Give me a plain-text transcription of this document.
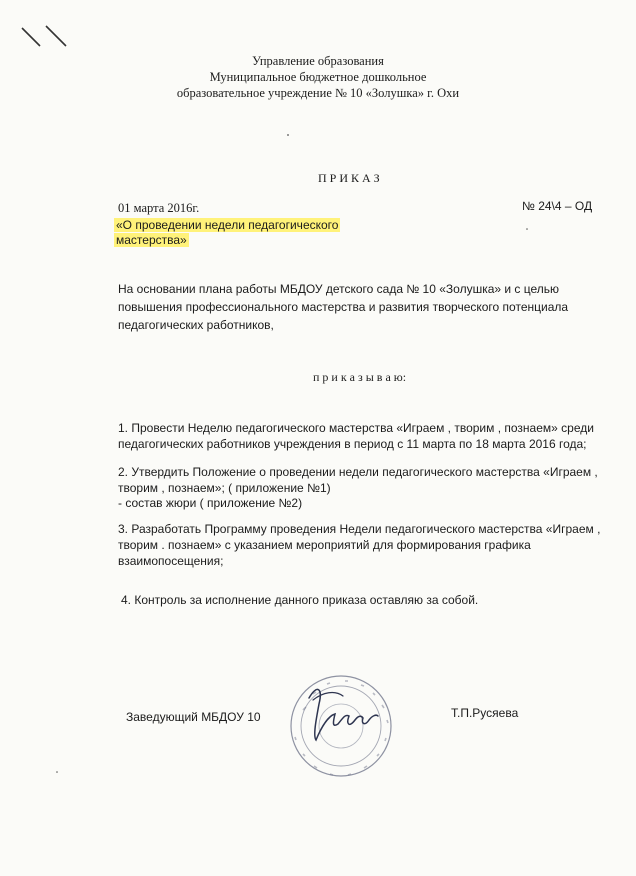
Управление образования
Муниципальное бюджетное дошкольное
образовательное учреждение № 10 «Золушка» г. Охи
П Р И К А З
01 марта 2016г.	№ 24\4 – ОД
«О проведении недели педагогического
мастерства»
На основании плана работы МБДОУ детского сада № 10 «Золушка» и с целью
повышения профессионального мастерства и развития творческого потенциала
педагогических работников,
п р и к а з ы в а ю:
1. Провести Неделю педагогического мастерства «Играем , творим , познаем» среди
педагогических работников учреждения в период с 11 марта по 18 марта 2016 года;
2. Утвердить Положение о проведении недели педагогического мастерства «Играем ,
творим , познаем»; ( приложение №1)
- состав жюри ( приложение №2)
3. Разработать Программу проведения Недели педагогического мастерства «Играем ,
творим . познаем» с указанием мероприятий для формирования графика
взаимопосещения;
4. Контроль за исполнение данного приказа оставляю за собой.
Заведующий МБДОУ 10	Т.П.Русяева
